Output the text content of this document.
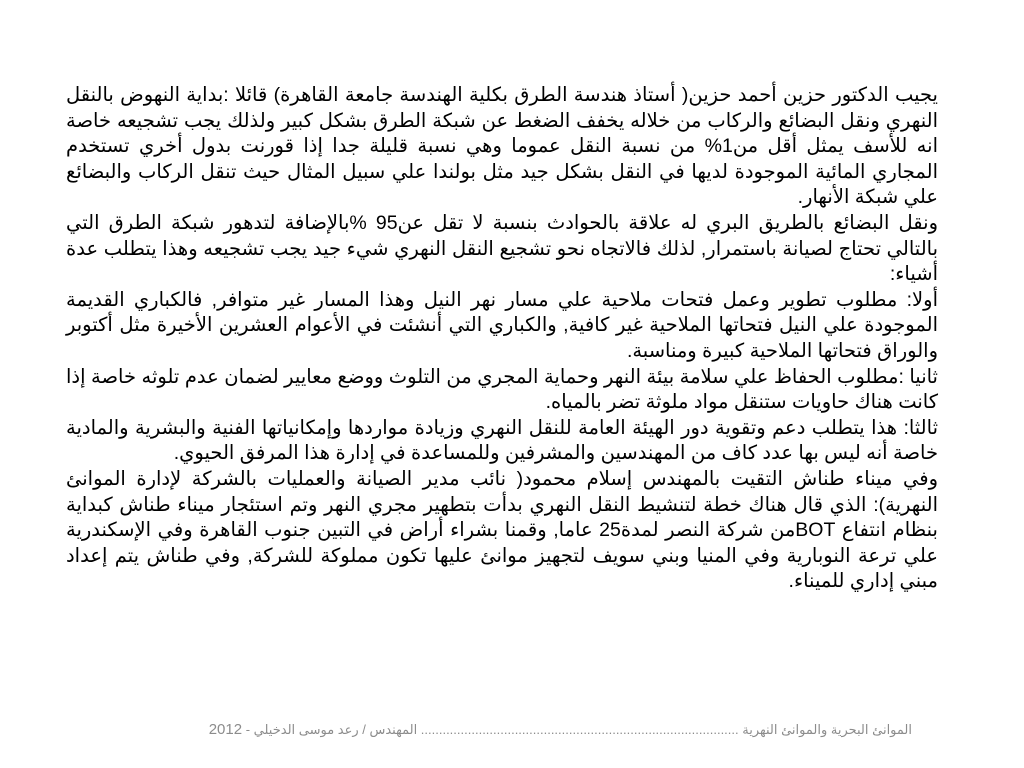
يجيب الدكتور حزين أحمد حزين( أستاذ هندسة الطرق بكلية الهندسة جامعة القاهرة) قائلا :بداية النهوض بالنقل النهري ونقل البضائع والركاب من خلاله يخفف الضغط عن شبكة الطرق بشكل كبير ولذلك يجب تشجيعه خاصة انه للأسف يمثل أقل من1% من نسبة النقل عموما وهي نسبة قليلة جدا إذا قورنت بدول أخري تستخدم المجاري المائية الموجودة لديها في النقل بشكل جيد مثل بولندا علي سبيل المثال حيث تنقل الركاب والبضائع علي شبكة الأنهار.

ونقل البضائع بالطريق البري له علاقة بالحوادث بنسبة لا تقل عن95 %بالإضافة لتدهور شبكة الطرق التي بالتالي تحتاج لصيانة باستمرار, لذلك فالاتجاه نحو تشجيع النقل النهري شيء جيد يجب تشجيعه وهذا يتطلب عدة أشياء:

أولا: مطلوب تطوير وعمل فتحات ملاحية علي مسار نهر النيل وهذا المسار غير متوافر, فالكباري القديمة الموجودة علي النيل فتحاتها الملاحية غير كافية, والكباري التي أنشئت في الأعوام العشرين الأخيرة مثل أكتوبر والوراق فتحاتها الملاحية كبيرة ومناسبة.

ثانيا :مطلوب الحفاظ علي سلامة بيئة النهر وحماية المجري من التلوث ووضع معايير لضمان عدم تلوثه خاصة إذا كانت هناك حاويات ستنقل مواد ملوثة تضر بالمياه.

ثالثا: هذا يتطلب دعم وتقوية دور الهيئة العامة للنقل النهري وزيادة مواردها وإمكانياتها الفنية والبشرية والمادية خاصة أنه ليس بها عدد كاف من المهندسين والمشرفين وللمساعدة في إدارة هذا المرفق الحيوي.

وفي ميناء طناش التقيت بالمهندس إسلام محمود( نائب مدير الصيانة والعمليات بالشركة لإدارة الموانئ النهرية): الذي قال هناك خطة لتنشيط النقل النهري بدأت بتطهير مجري النهر وتم استئجار ميناء طناش كبداية بنظام انتفاع BOTمن شركة النصر لمدة25 عاما, وقمنا بشراء أراض في التبين جنوب القاهرة وفي الإسكندرية علي ترعة النوبارية وفي المنيا وبني سويف لتجهيز موانئ عليها تكون مملوكة للشركة, وفي طناش يتم إعداد مبني إداري للميناء.

الموانئ البحرية والموانئ النهرية ........................................................................................ المهندس / رعد موسى الدخيلي - 2012
